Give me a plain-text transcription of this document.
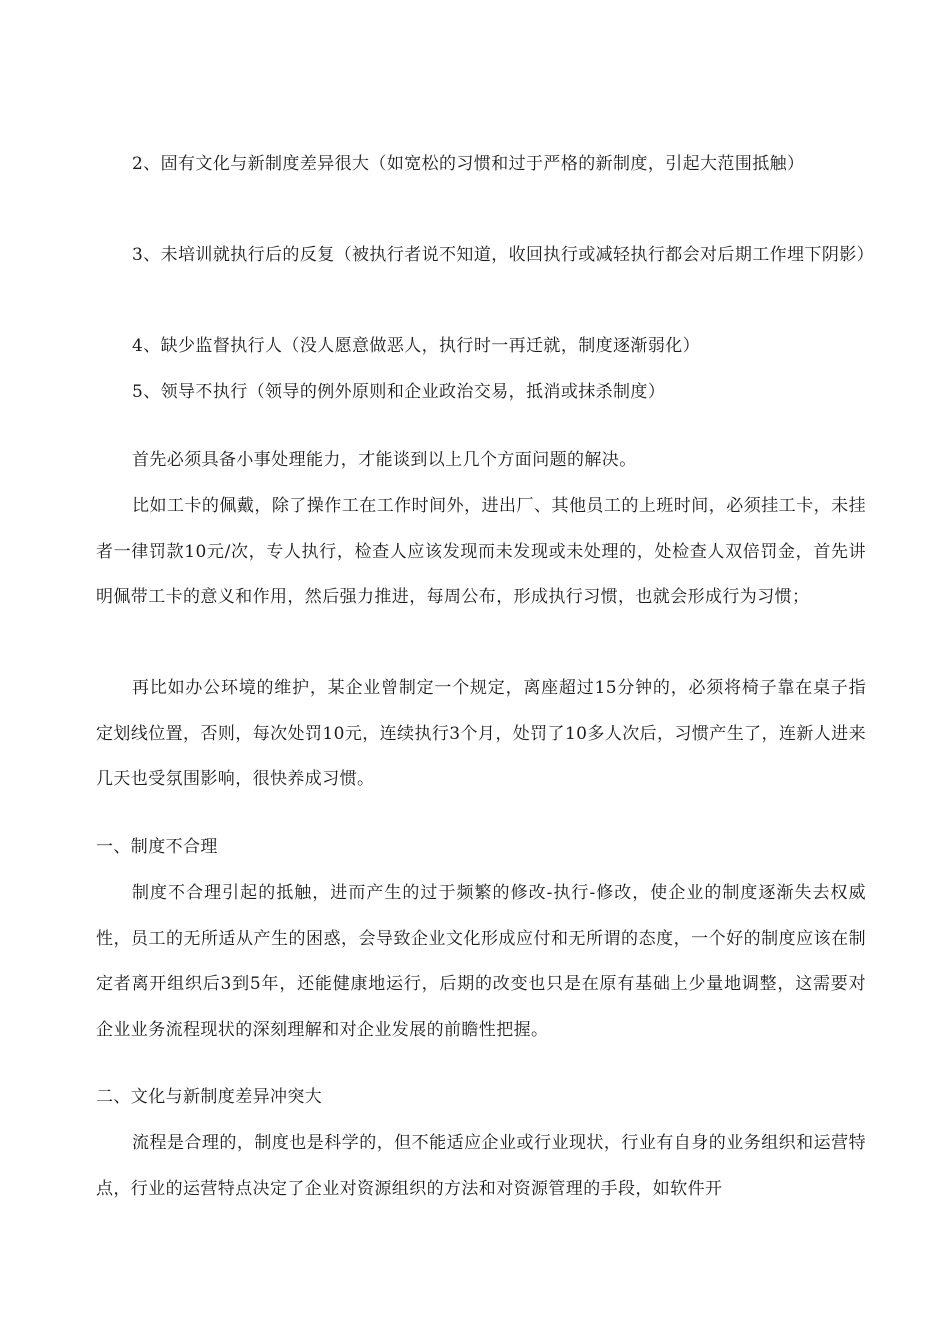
2、固有文化与新制度差异很大（如宽松的习惯和过于严格的新制度，引起大范围抵触）

3、未培训就执行后的反复（被执行者说不知道，收回执行或减轻执行都会对后期工作埋下阴影）

4、缺少监督执行人（没人愿意做恶人，执行时一再迁就，制度逐渐弱化）

5、领导不执行（领导的例外原则和企业政治交易，抵消或抹杀制度）

首先必须具备小事处理能力，才能谈到以上几个方面问题的解决。

比如工卡的佩戴，除了操作工在工作时间外，进出厂、其他员工的上班时间，必须挂工卡，未挂者一律罚款10元/次，专人执行，检查人应该发现而未发现或未处理的，处检查人双倍罚金，首先讲明佩带工卡的意义和作用，然后强力推进，每周公布，形成执行习惯，也就会形成行为习惯；

再比如办公环境的维护，某企业曾制定一个规定，离座超过15分钟的，必须将椅子靠在桌子指定划线位置，否则，每次处罚10元，连续执行3个月，处罚了10多人次后，习惯产生了，连新人进来几天也受氛围影响，很快养成习惯。

一、制度不合理

制度不合理引起的抵触，进而产生的过于频繁的修改-执行-修改，使企业的制度逐渐失去权威性，员工的无所适从产生的困惑，会导致企业文化形成应付和无所谓的态度，一个好的制度应该在制定者离开组织后3到5年，还能健康地运行，后期的改变也只是在原有基础上少量地调整，这需要对企业业务流程现状的深刻理解和对企业发展的前瞻性把握。

二、文化与新制度差异冲突大

流程是合理的，制度也是科学的，但不能适应企业或行业现状，行业有自身的业务组织和运营特点，行业的运营特点决定了企业对资源组织的方法和对资源管理的手段，如软件开
